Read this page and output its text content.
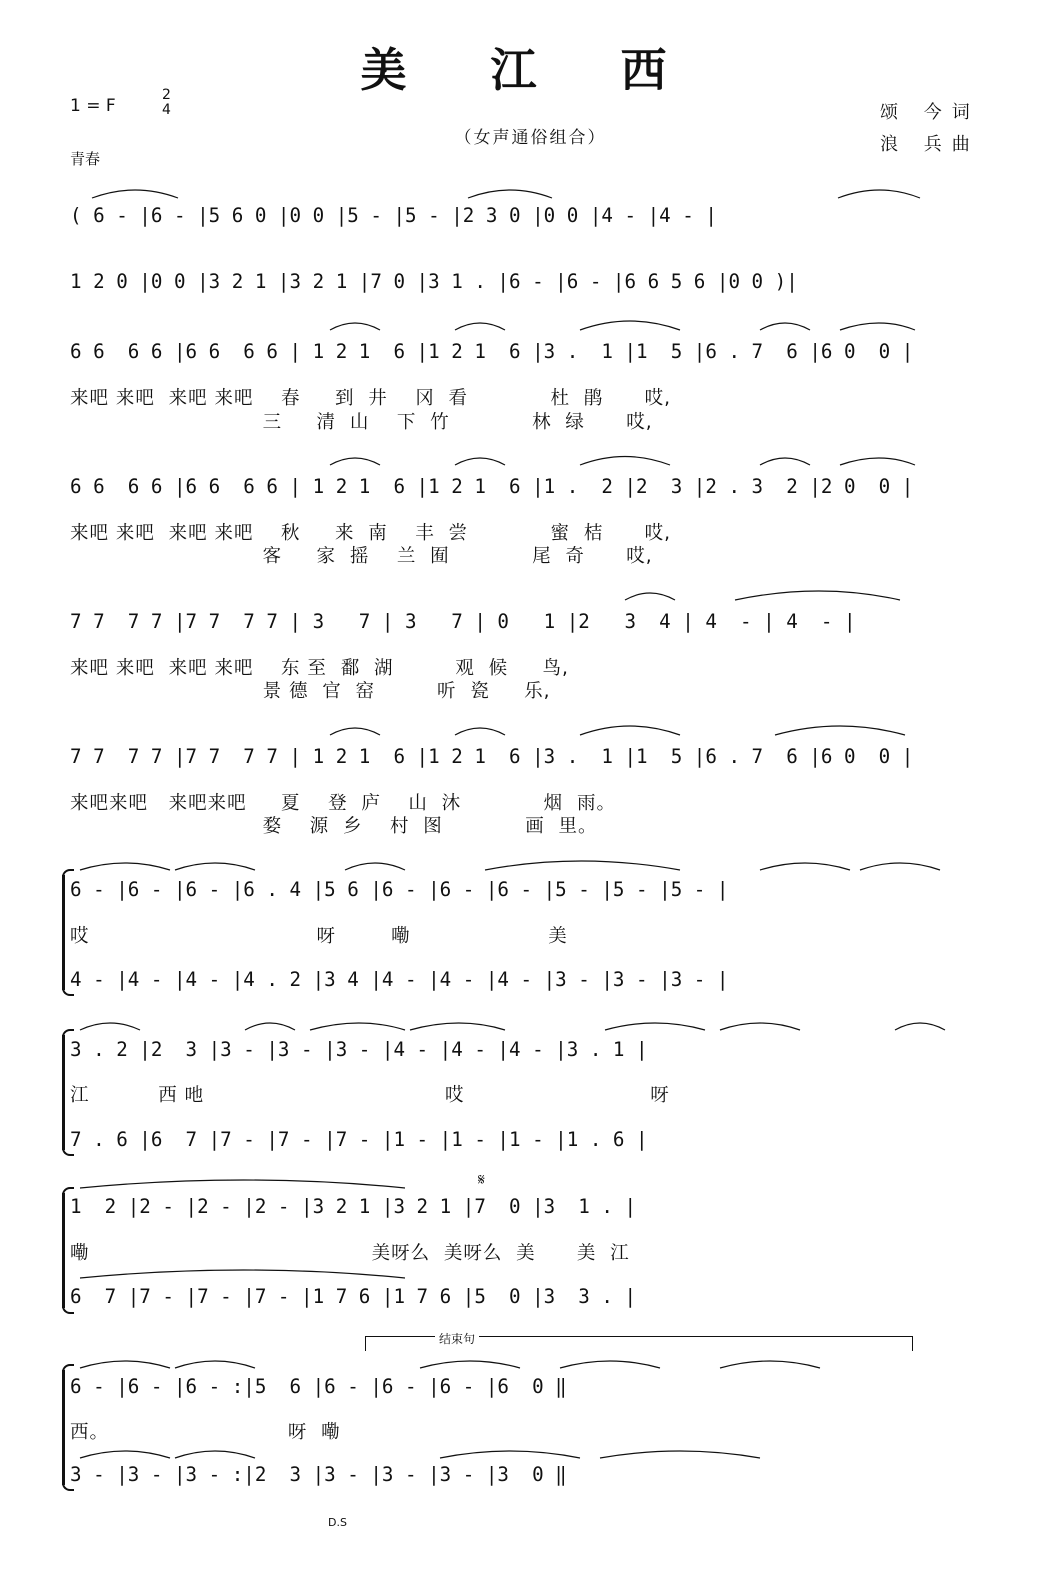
美 江 西
1 = F
2
4
（女声通俗组合）
颂 今词
浪 兵曲
青春
( 6 - |6 - |5 6 0 |0 0 |5 - |5 - |2 3 0 |0 0 |4 - |4 - |
1 2 0 |0 0 |3 2 1 |3 2 1 |7 0 |3 1 . |6 - |6 - |6 6 5 6 |0 0 )|
6 6  6 6 |6 6  6 6 | 1 2 1  6 |1 2 1  6 |3 .  1 |1  5 |6 . 7  6 |6 0  0 |
来吧 来吧  来吧 来吧    春     到  井    冈  看            杜  鹃      哎,
三     清  山    下  竹            林  绿      哎,
6 6  6 6 |6 6  6 6 | 1 2 1  6 |1 2 1  6 |1 .  2 |2  3 |2 . 3  2 |2 0  0 |
来吧 来吧  来吧 来吧    秋     来  南    丰  尝            蜜  桔      哎,
客     家  摇    兰  囿            尾  奇      哎,
7 7  7 7 |7 7  7 7 | 3   7 | 3   7 | 0   1 |2   3  4 | 4  - | 4  - |
来吧 来吧  来吧 来吧    东 至  鄱  湖         观  候     鸟,
景 德  官  窑         听  瓷     乐,
7 7  7 7 |7 7  7 7 | 1 2 1  6 |1 2 1  6 |3 .  1 |1  5 |6 . 7  6 |6 0  0 |
来吧来吧   来吧来吧     夏    登  庐    山  沐            烟  雨。
婺    源  乡    村  图            画  里。
6 - |6 - |6 - |6 . 4 |5 6 |6 - |6 - |6 - |5 - |5 - |5 - |
哎                                 呀        嘞                    美
4 - |4 - |4 - |4 . 2 |3 4 |4 - |4 - |4 - |3 - |3 - |3 - |
3 . 2 |2  3 |3 - |3 - |3 - |4 - |4 - |4 - |3 . 1 |
江          西 吔                                   哎                           呀
7 . 6 |6  7 |7 - |7 - |7 - |1 - |1 - |1 - |1 . 6 |
𝄋
1  2 |2 - |2 - |2 - |3 2 1 |3 2 1 |7  0 |3  1 . |
嘞                                         美呀么  美呀么  美      美  江
6  7 |7 - |7 - |7 - |1 7 6 |1 7 6 |5  0 |3  3 . |
结束句
6 - |6 - |6 - :|5  6 |6 - |6 - |6 - |6  0 ‖
西。                          呀  嘞
3 - |3 - |3 - :|2  3 |3 - |3 - |3 - |3  0 ‖
D.S
